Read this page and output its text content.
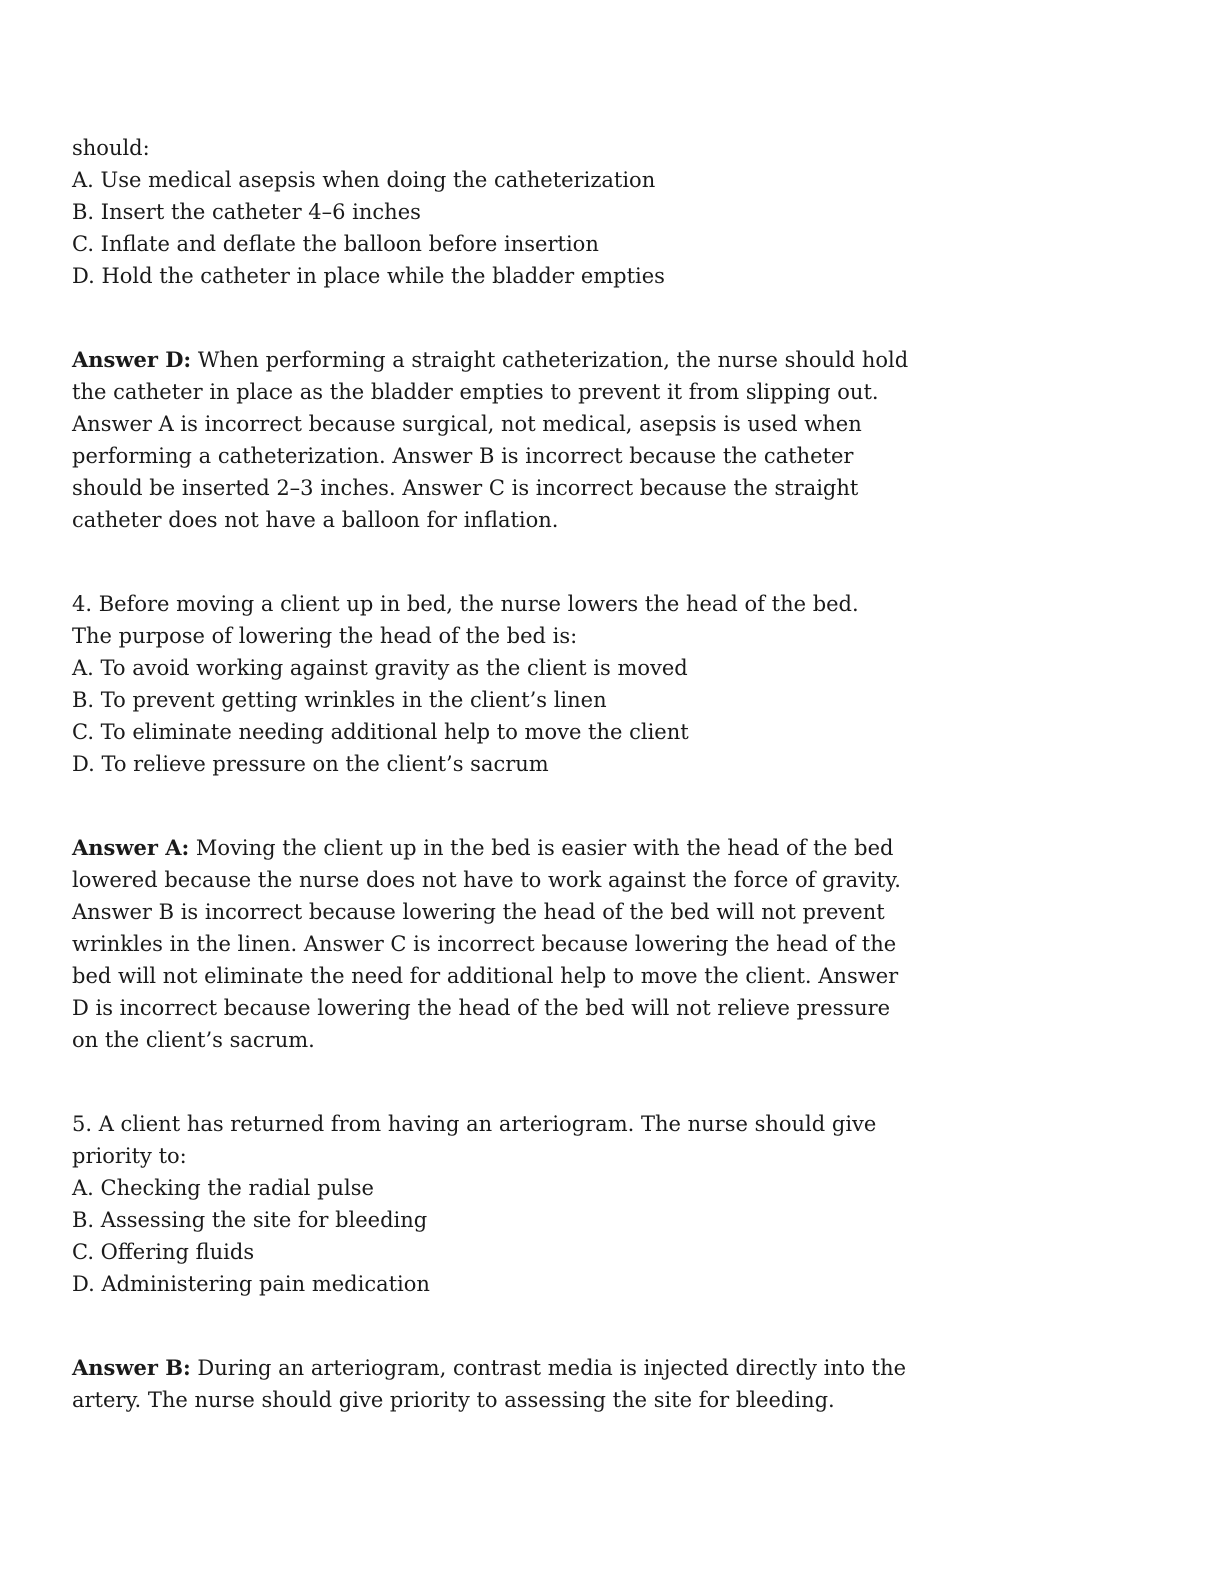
should:
A. Use medical asepsis when doing the catheterization
B. Insert the catheter 4–6 inches
C. Inflate and deflate the balloon before insertion
D. Hold the catheter in place while the bladder empties
Answer D: When performing a straight catheterization, the nurse should hold
the catheter in place as the bladder empties to prevent it from slipping out.
Answer A is incorrect because surgical, not medical, asepsis is used when
performing a catheterization. Answer B is incorrect because the catheter
should be inserted 2–3 inches. Answer C is incorrect because the straight
catheter does not have a balloon for inflation.
4. Before moving a client up in bed, the nurse lowers the head of the bed.
The purpose of lowering the head of the bed is:
A. To avoid working against gravity as the client is moved
B. To prevent getting wrinkles in the client’s linen
C. To eliminate needing additional help to move the client
D. To relieve pressure on the client’s sacrum
Answer A: Moving the client up in the bed is easier with the head of the bed
lowered because the nurse does not have to work against the force of gravity.
Answer B is incorrect because lowering the head of the bed will not prevent
wrinkles in the linen. Answer C is incorrect because lowering the head of the
bed will not eliminate the need for additional help to move the client. Answer
D is incorrect because lowering the head of the bed will not relieve pressure
on the client’s sacrum.
5. A client has returned from having an arteriogram. The nurse should give
priority to:
A. Checking the radial pulse
B. Assessing the site for bleeding
C. Offering fluids
D. Administering pain medication
Answer B: During an arteriogram, contrast media is injected directly into the
artery. The nurse should give priority to assessing the site for bleeding.
